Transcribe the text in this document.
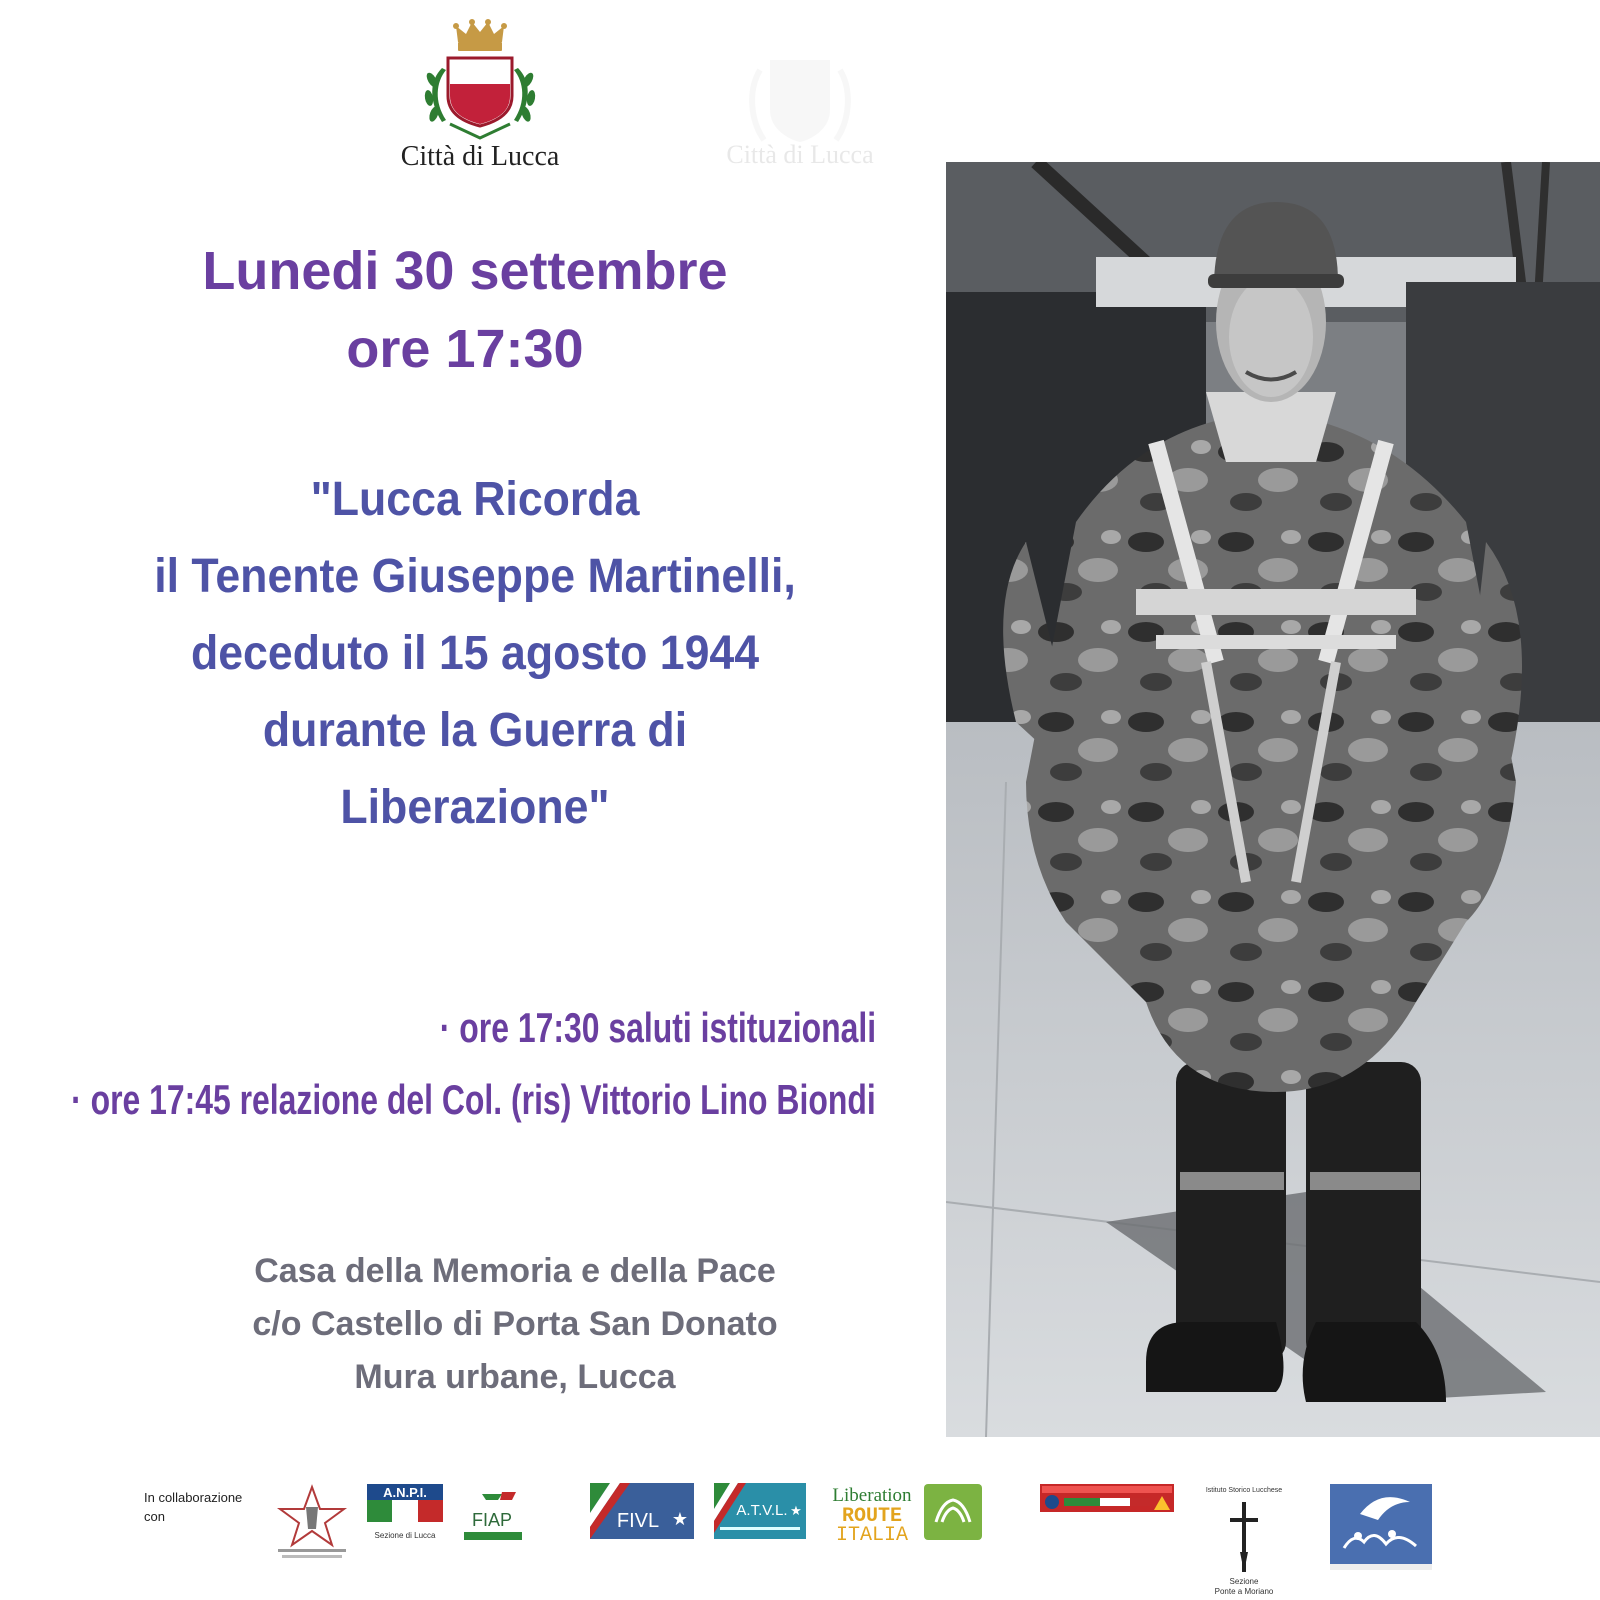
Città di Lucca	Città di Lucca
Lunedi 30 settembre
ore 17:30
"Lucca Ricorda
il Tenente Giuseppe Martinelli,
deceduto il 15 agosto 1944
durante la Guerra di
Liberazione"
· ore 17:30 saluti istituzionali
· ore 17:45 relazione del Col. (ris) Vittorio Lino Biondi
Casa della Memoria e della Pace
c/o Castello di Porta San Donato
Mura urbane, Lucca
In collaborazione con
A.N.P.I.
Sezione di Lucca
FIAP	FIVL ★	A.T.V.L. ★
Liberation
ROUTE
ITALIA
Istituto Storico Lucchese
Sezione
Ponte a Moriano
